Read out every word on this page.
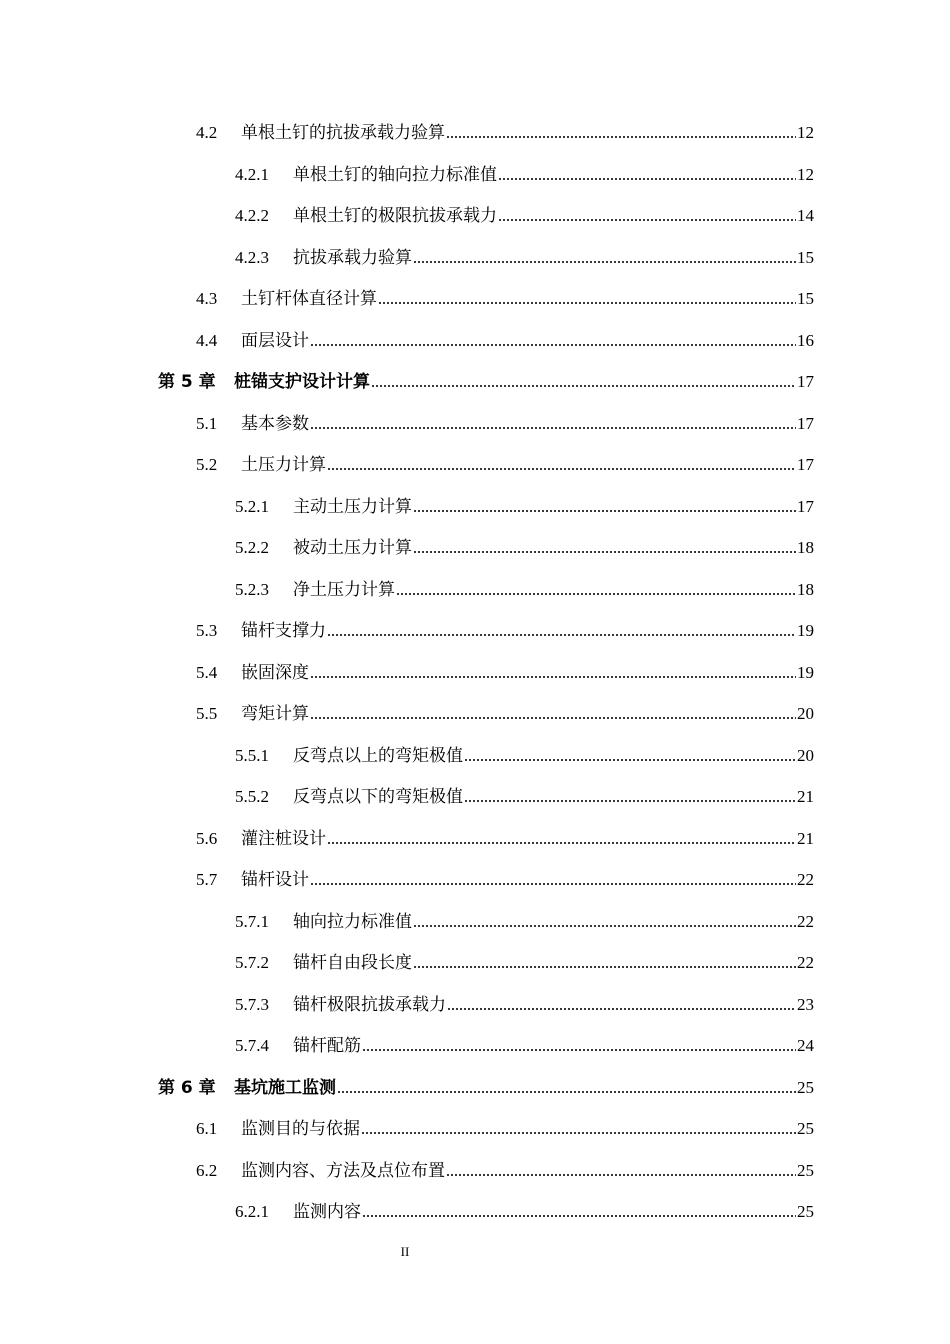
4.2	单根土钉的抗拔承载力验算	12
4.2.1	单根土钉的轴向拉力标准值	12
4.2.2	单根土钉的极限抗拔承载力	14
4.2.3	抗拔承载力验算	15
4.3	土钉杆体直径计算	15
4.4	面层设计	16
第 5 章	桩锚支护设计计算	17
5.1	基本参数	17
5.2	土压力计算	17
5.2.1	主动土压力计算	17
5.2.2	被动土压力计算	18
5.2.3	净土压力计算	18
5.3	锚杆支撑力	19
5.4	嵌固深度	19
5.5	弯矩计算	20
5.5.1	反弯点以上的弯矩极值	20
5.5.2	反弯点以下的弯矩极值	21
5.6	灌注桩设计	21
5.7	锚杆设计	22
5.7.1	轴向拉力标准值	22
5.7.2	锚杆自由段长度	22
5.7.3	锚杆极限抗拔承载力	23
5.7.4	锚杆配筋	24
第 6 章	基坑施工监测	25
6.1	监测目的与依据	25
6.2	监测内容、方法及点位布置	25
6.2.1	监测内容	25
II
